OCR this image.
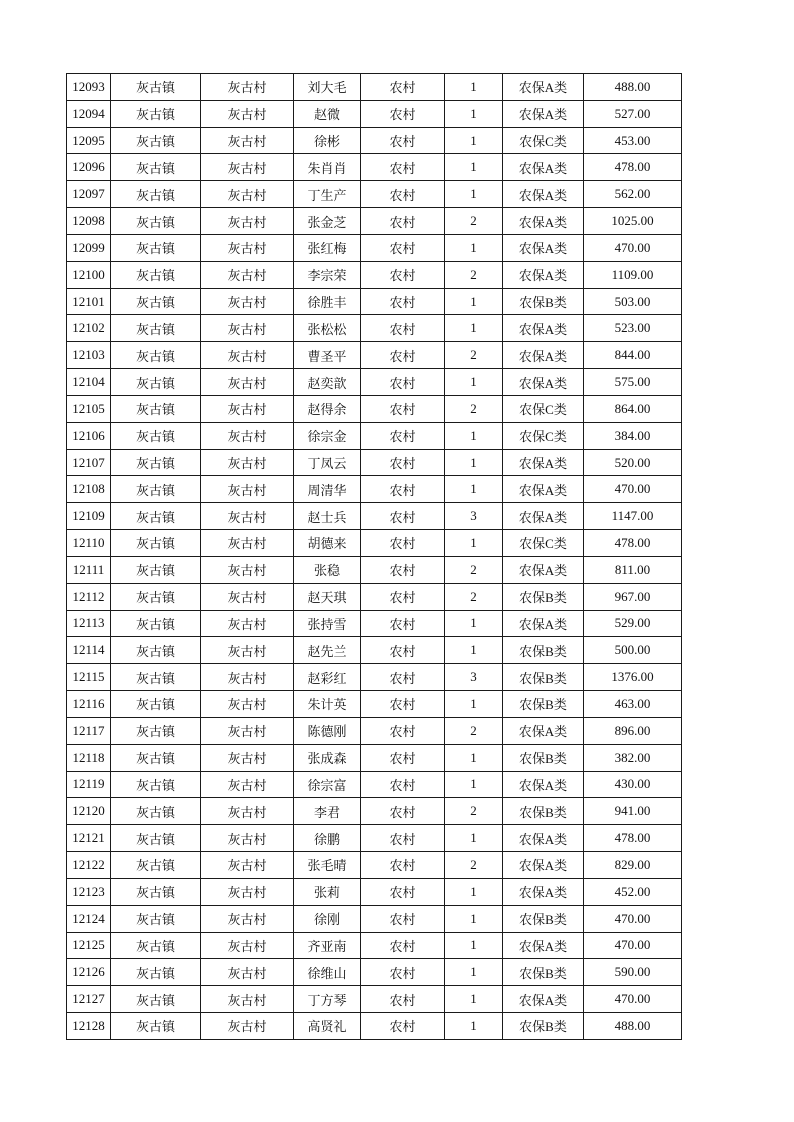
12093	灰古镇	灰古村	刘大毛	农村	1	农保A类	488.00
12094	灰古镇	灰古村	赵微	农村	1	农保A类	527.00
12095	灰古镇	灰古村	徐彬	农村	1	农保C类	453.00
12096	灰古镇	灰古村	朱肖肖	农村	1	农保A类	478.00
12097	灰古镇	灰古村	丁生产	农村	1	农保A类	562.00
12098	灰古镇	灰古村	张金芝	农村	2	农保A类	1025.00
12099	灰古镇	灰古村	张红梅	农村	1	农保A类	470.00
12100	灰古镇	灰古村	李宗荣	农村	2	农保A类	1109.00
12101	灰古镇	灰古村	徐胜丰	农村	1	农保B类	503.00
12102	灰古镇	灰古村	张松松	农村	1	农保A类	523.00
12103	灰古镇	灰古村	曹圣平	农村	2	农保A类	844.00
12104	灰古镇	灰古村	赵奕歆	农村	1	农保A类	575.00
12105	灰古镇	灰古村	赵得余	农村	2	农保C类	864.00
12106	灰古镇	灰古村	徐宗金	农村	1	农保C类	384.00
12107	灰古镇	灰古村	丁凤云	农村	1	农保A类	520.00
12108	灰古镇	灰古村	周清华	农村	1	农保A类	470.00
12109	灰古镇	灰古村	赵士兵	农村	3	农保A类	1147.00
12110	灰古镇	灰古村	胡德来	农村	1	农保C类	478.00
12111	灰古镇	灰古村	张稳	农村	2	农保A类	811.00
12112	灰古镇	灰古村	赵天琪	农村	2	农保B类	967.00
12113	灰古镇	灰古村	张持雪	农村	1	农保A类	529.00
12114	灰古镇	灰古村	赵先兰	农村	1	农保B类	500.00
12115	灰古镇	灰古村	赵彩红	农村	3	农保B类	1376.00
12116	灰古镇	灰古村	朱计英	农村	1	农保B类	463.00
12117	灰古镇	灰古村	陈德刚	农村	2	农保A类	896.00
12118	灰古镇	灰古村	张成森	农村	1	农保B类	382.00
12119	灰古镇	灰古村	徐宗富	农村	1	农保A类	430.00
12120	灰古镇	灰古村	李君	农村	2	农保B类	941.00
12121	灰古镇	灰古村	徐鹏	农村	1	农保A类	478.00
12122	灰古镇	灰古村	张毛晴	农村	2	农保A类	829.00
12123	灰古镇	灰古村	张莉	农村	1	农保A类	452.00
12124	灰古镇	灰古村	徐刚	农村	1	农保B类	470.00
12125	灰古镇	灰古村	齐亚南	农村	1	农保A类	470.00
12126	灰古镇	灰古村	徐维山	农村	1	农保B类	590.00
12127	灰古镇	灰古村	丁方琴	农村	1	农保A类	470.00
12128	灰古镇	灰古村	高贤礼	农村	1	农保B类	488.00
